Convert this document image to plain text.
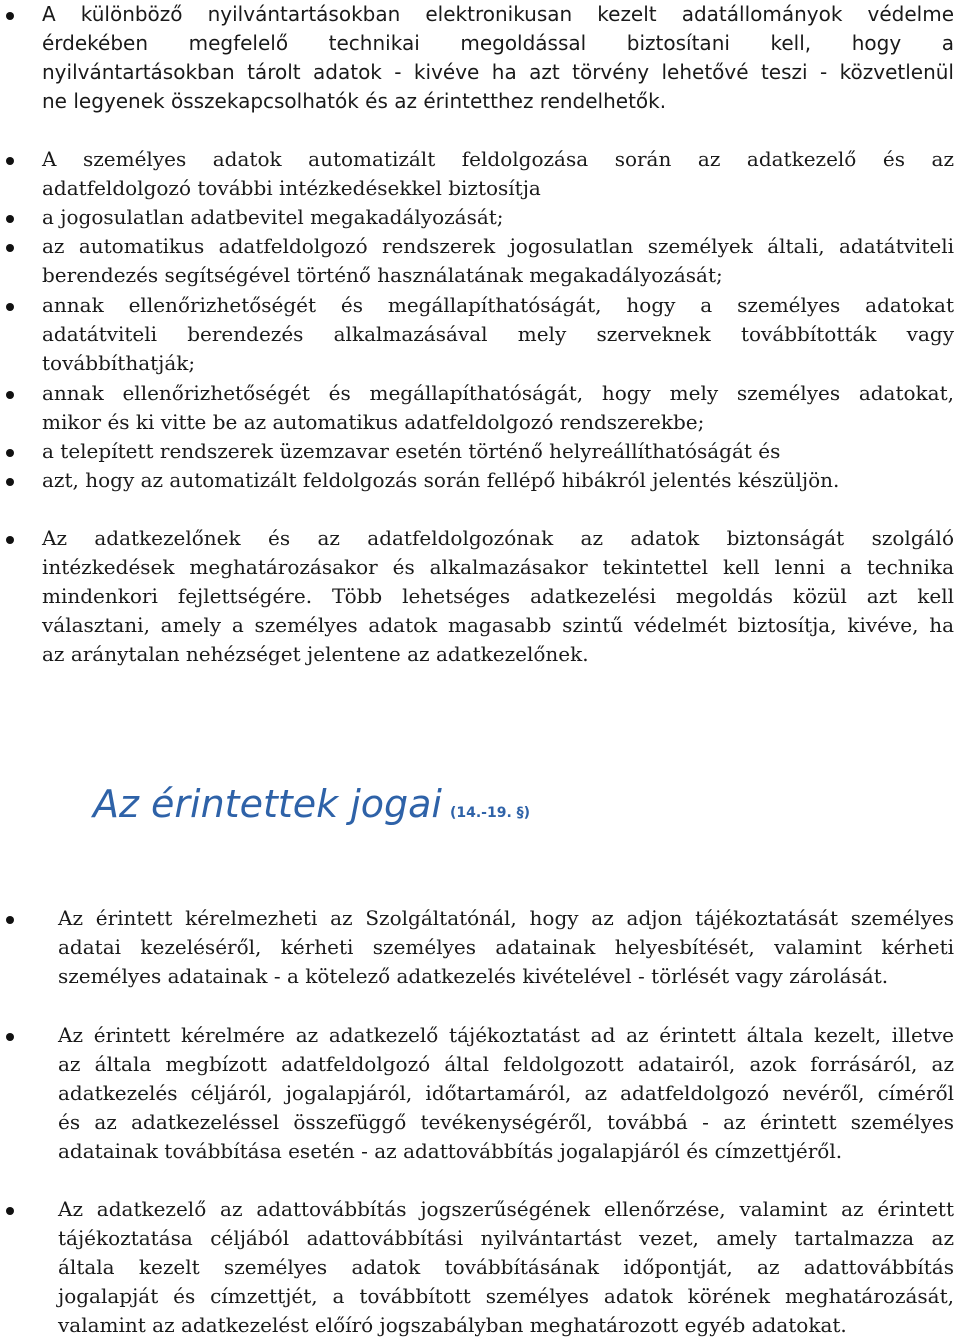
A különböző nyilvántartásokban elektronikusan kezelt adatállományok védelme
érdekében megfelelő technikai megoldással biztosítani kell, hogy a
nyilvántartásokban tárolt adatok - kivéve ha azt törvény lehetővé teszi - közvetlenül
ne legyenek összekapcsolhatók és az érintetthez rendelhetők.
A személyes adatok automatizált feldolgozása során az adatkezelő és az
adatfeldolgozó további intézkedésekkel biztosítja
a jogosulatlan adatbevitel megakadályozását;
az automatikus adatfeldolgozó rendszerek jogosulatlan személyek általi, adatátviteli
berendezés segítségével történő használatának megakadályozását;
annak ellenőrizhetőségét és megállapíthatóságát, hogy a személyes adatokat
adatátviteli berendezés alkalmazásával mely szerveknek továbbították vagy
továbbíthatják;
annak ellenőrizhetőségét és megállapíthatóságát, hogy mely személyes adatokat,
mikor és ki vitte be az automatikus adatfeldolgozó rendszerekbe;
a telepített rendszerek üzemzavar esetén történő helyreállíthatóságát és
azt, hogy az automatizált feldolgozás során fellépő hibákról jelentés készüljön.
Az adatkezelőnek és az adatfeldolgozónak az adatok biztonságát szolgáló
intézkedések meghatározásakor és alkalmazásakor tekintettel kell lenni a technika
mindenkori fejlettségére. Több lehetséges adatkezelési megoldás közül azt kell
választani, amely a személyes adatok magasabb szintű védelmét biztosítja, kivéve, ha
az aránytalan nehézséget jelentene az adatkezelőnek.
Az érintettek jogai (14.-19. §)
Az érintett kérelmezheti az Szolgáltatónál, hogy az adjon tájékoztatását személyes
adatai kezeléséről, kérheti személyes adatainak helyesbítését, valamint kérheti
személyes adatainak - a kötelező adatkezelés kivételével - törlését vagy zárolását.
Az érintett kérelmére az adatkezelő tájékoztatást ad az érintett általa kezelt, illetve
az általa megbízott adatfeldolgozó által feldolgozott adatairól, azok forrásáról, az
adatkezelés céljáról, jogalapjáról, időtartamáról, az adatfeldolgozó nevéről, címéről
és az adatkezeléssel összefüggő tevékenységéről, továbbá - az érintett személyes
adatainak továbbítása esetén - az adattovábbítás jogalapjáról és címzettjéről.
Az adatkezelő az adattovábbítás jogszerűségének ellenőrzése, valamint az érintett
tájékoztatása céljából adattovábbítási nyilvántartást vezet, amely tartalmazza az
általa kezelt személyes adatok továbbításának időpontját, az adattovábbítás
jogalapját és címzettjét, a továbbított személyes adatok körének meghatározását,
valamint az adatkezelést előíró jogszabályban meghatározott egyéb adatokat.
